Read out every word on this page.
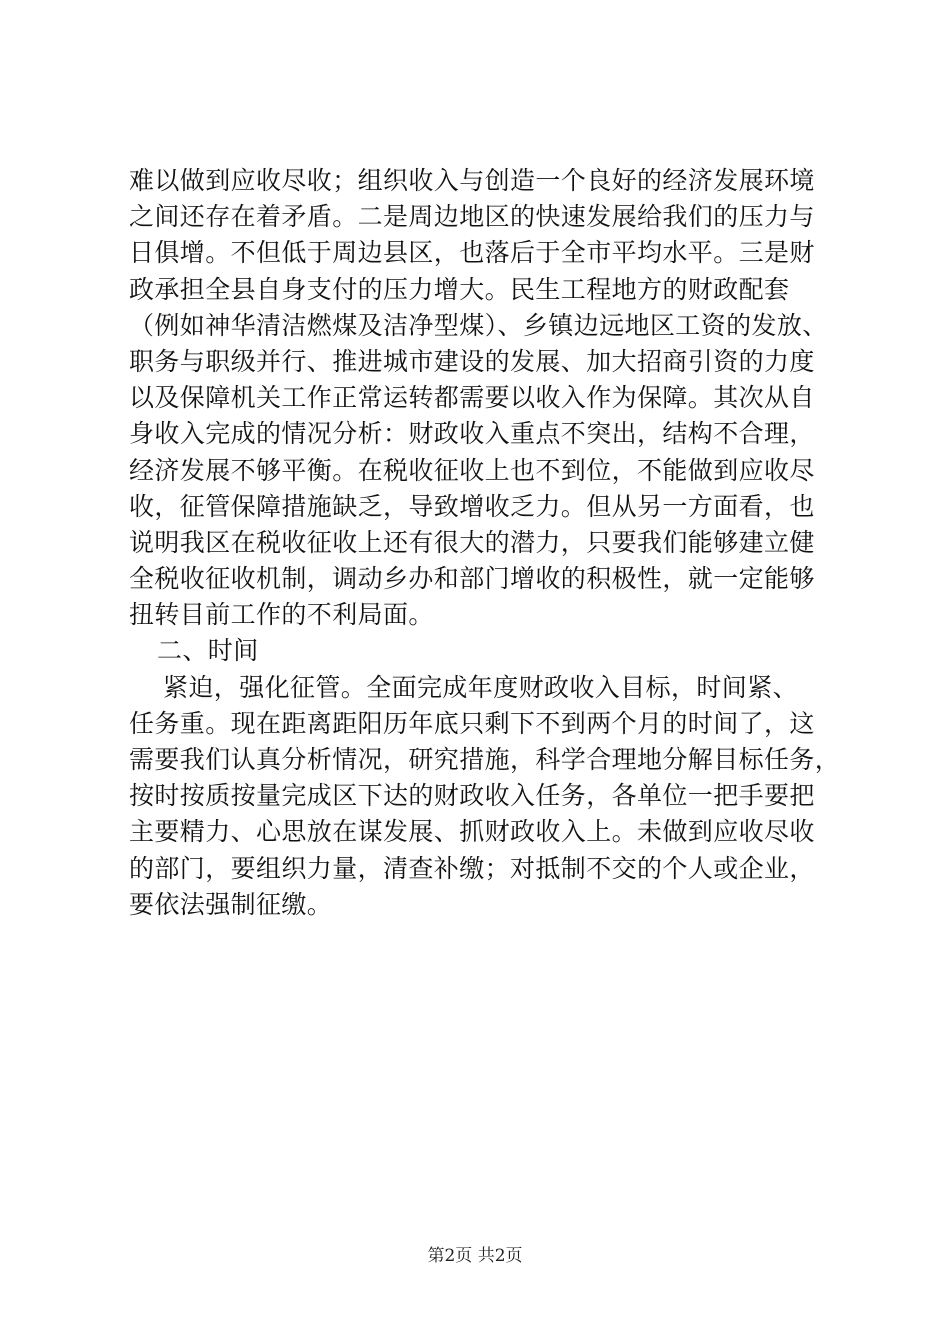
难以做到应收尽收；组织收入与创造一个良好的经济发展环境
之间还存在着矛盾。二是周边地区的快速发展给我们的压力与
日俱增。不但低于周边县区，也落后于全市平均水平。三是财
政承担全县自身支付的压力增大。民生工程地方的财政配套
（例如神华清洁燃煤及洁净型煤）、乡镇边远地区工资的发放、
职务与职级并行、推进城市建设的发展、加大招商引资的力度
以及保障机关工作正常运转都需要以收入作为保障。其次从自
身收入完成的情况分析：财政收入重点不突出，结构不合理，
经济发展不够平衡。在税收征收上也不到位，不能做到应收尽
收，征管保障措施缺乏，导致增收乏力。但从另一方面看，也
说明我区在税收征收上还有很大的潜力，只要我们能够建立健
全税收征收机制，调动乡办和部门增收的积极性，就一定能够
扭转目前工作的不利局面。
二、时间
紧迫，强化征管。全面完成年度财政收入目标，时间紧、
任务重。现在距离距阳历年底只剩下不到两个月的时间了，这
需要我们认真分析情况，研究措施，科学合理地分解目标任务，
按时按质按量完成区下达的财政收入任务，各单位一把手要把
主要精力、心思放在谋发展、抓财政收入上。未做到应收尽收
的部门，要组织力量，清查补缴；对抵制不交的个人或企业，
要依法强制征缴。
第2页 共2页
